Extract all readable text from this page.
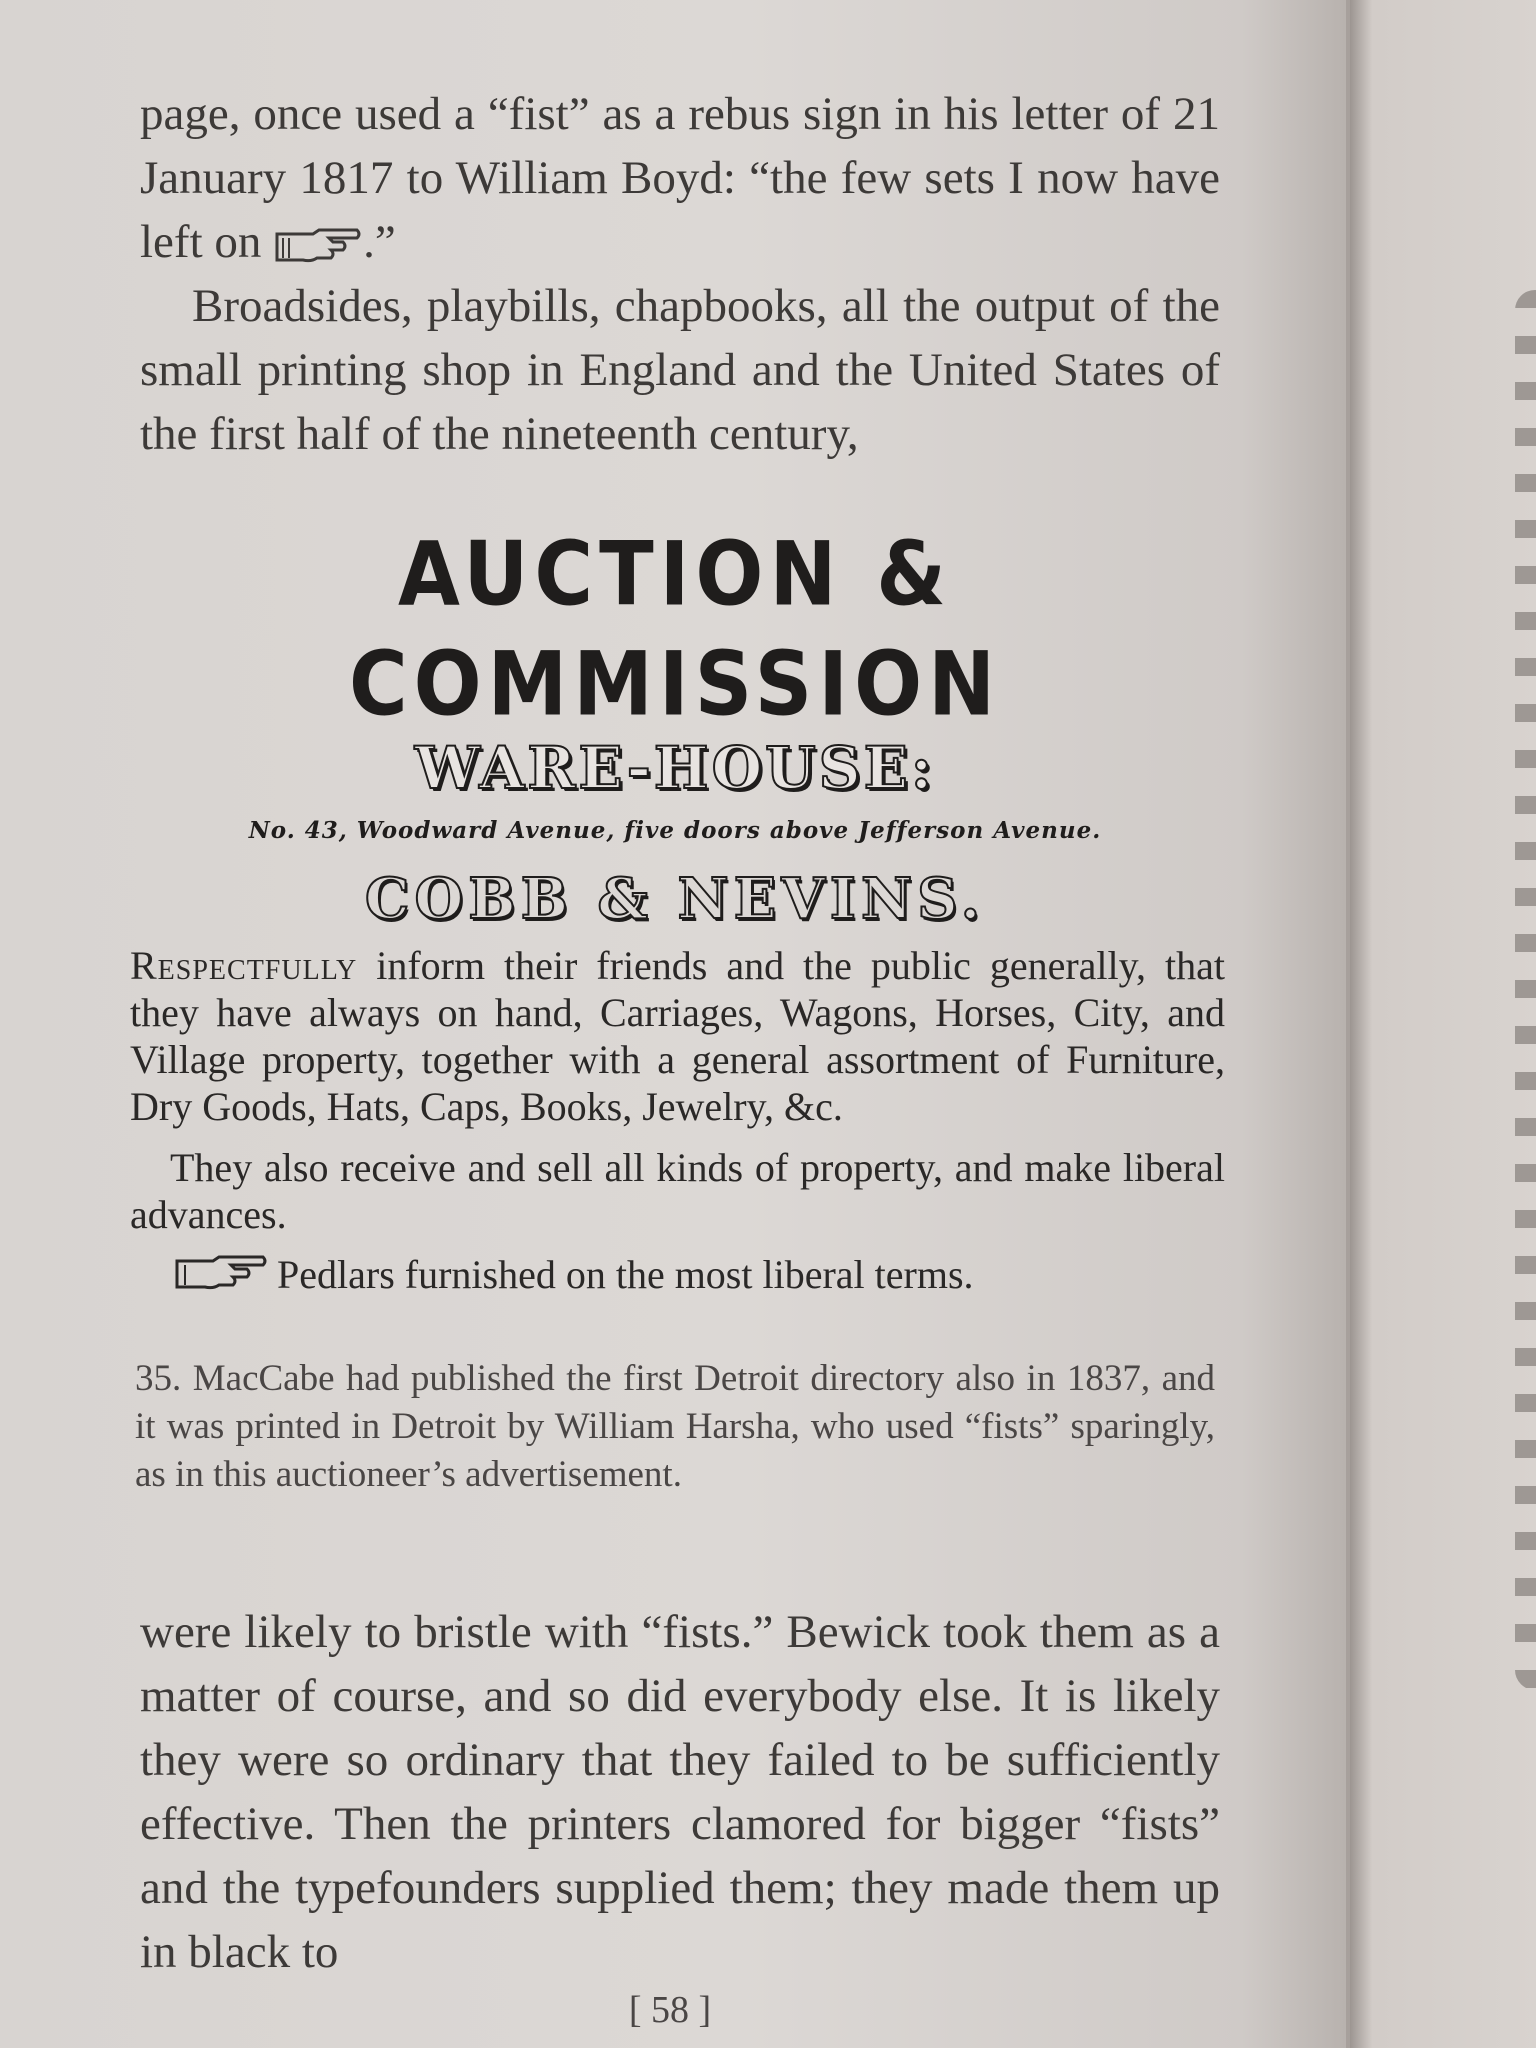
page, once used a “fist” as a rebus sign in his letter of 21 January 1817 to William Boyd: “the few sets I now have left on .”

Broadsides, playbills, chapbooks, all the output of the small printing shop in England and the United States of the first half of the nineteenth century,

AUCTION & COMMISSION

WARE-HOUSE:

No. 43, Woodward Avenue, five doors above Jefferson Avenue.

COBB & NEVINS.

Respectfully inform their friends and the public generally, that they have always on hand, Carriages, Wagons, Horses, City, and Village property, together with a general assortment of Furniture, Dry Goods, Hats, Caps, Books, Jewelry, &c.

They also receive and sell all kinds of property, and make liberal advances.

Pedlars furnished on the most liberal terms.

35. MacCabe had published the first Detroit directory also in 1837, and it was printed in Detroit by William Harsha, who used “fists” sparingly, as in this auctioneer’s advertisement.

were likely to bristle with “fists.” Bewick took them as a matter of course, and so did everybody else. It is likely they were so ordinary that they failed to be sufficiently effective. Then the printers clamored for bigger “fists” and the typefounders supplied them; they made them up in black to

[ 58 ]
